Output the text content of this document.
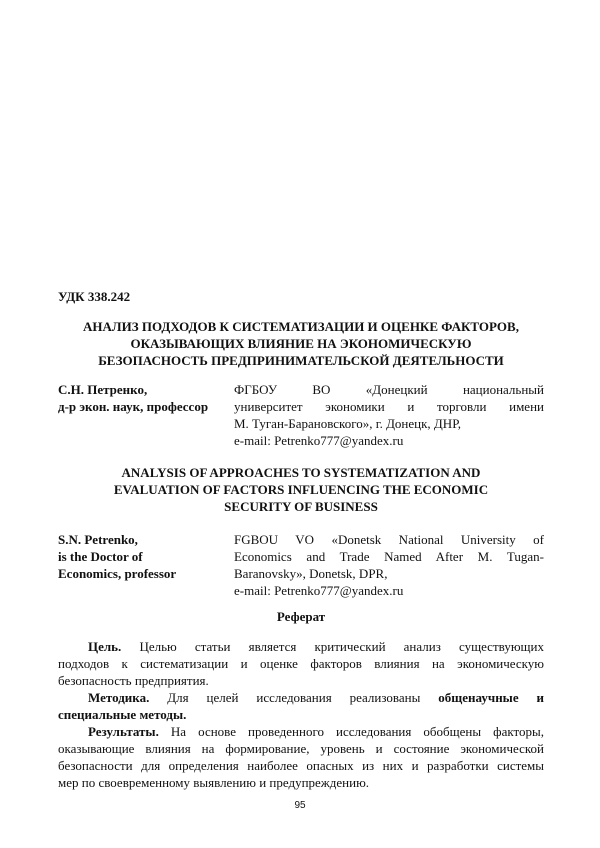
УДК 338.242
АНАЛИЗ ПОДХОДОВ К СИСТЕМАТИЗАЦИИ И ОЦЕНКЕ ФАКТОРОВ,
ОКАЗЫВАЮЩИХ ВЛИЯНИЕ НА ЭКОНОМИЧЕСКУЮ
БЕЗОПАСНОСТЬ ПРЕДПРИНИМАТЕЛЬСКОЙ ДЕЯТЕЛЬНОСТИ
С.Н. Петренко,
д-р экон. наук, профессор
ФГБОУ ВО «Донецкий национальный
университет экономики и торговли имени
М. Туган-Барановского», г. Донецк, ДНР,
e-mail: Petrenko777@yandex.ru
ANALYSIS OF APPROACHES TO SYSTEMATIZATION AND
EVALUATION OF FACTORS INFLUENCING THE ECONOMIC
SECURITY OF BUSINESS
S.N. Petrenko,
is the Doctor of
Economics, professor
FGBOU VO «Donetsk National University of
Economics and Trade Named After M. Tugan-
Baranovsky», Donetsk, DPR,
e-mail: Petrenko777@yandex.ru
Реферат
Цель. Целью статьи является критический анализ существующих
подходов к систематизации и оценке факторов влияния на экономическую
безопасность предприятия.
Методика. Для целей исследования реализованы общенаучные и
специальные методы.
Результаты. На основе проведенного исследования обобщены факторы,
оказывающие влияния на формирование, уровень и состояние экономической
безопасности для определения наиболее опасных из них и разработки системы
мер по своевременному выявлению и предупреждению.
95
